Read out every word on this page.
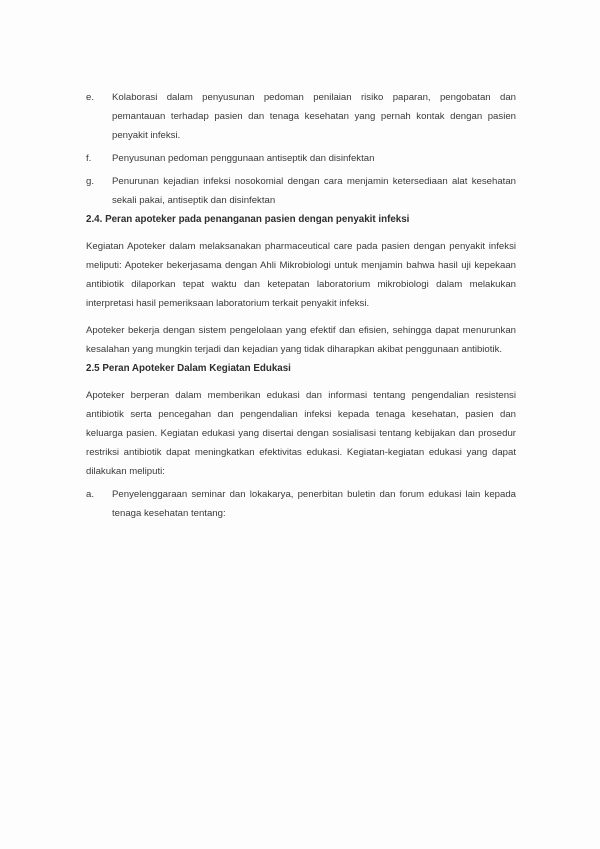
e.	Kolaborasi dalam penyusunan pedoman penilaian risiko paparan, pengobatan dan pemantauan terhadap pasien dan tenaga kesehatan yang pernah kontak dengan pasien penyakit infeksi.
f.	Penyusunan pedoman penggunaan antiseptik dan disinfektan
g.	Penurunan kejadian infeksi nosokomial dengan cara menjamin ketersediaan alat kesehatan sekali pakai, antiseptik dan disinfektan
2.4. Peran apoteker pada penanganan pasien dengan penyakit infeksi

Kegiatan Apoteker dalam melaksanakan pharmaceutical care pada pasien dengan penyakit infeksi meliputi: Apoteker bekerjasama dengan Ahli Mikrobiologi untuk menjamin bahwa hasil uji kepekaan antibiotik dilaporkan tepat waktu dan ketepatan laboratorium mikrobiologi dalam melakukan interpretasi hasil pemeriksaan laboratorium terkait penyakit infeksi.

Apoteker bekerja dengan sistem pengelolaan yang efektif dan efisien, sehingga dapat menurunkan kesalahan yang mungkin terjadi dan kejadian yang tidak diharapkan akibat penggunaan antibiotik.

2.5 Peran Apoteker Dalam Kegiatan Edukasi

Apoteker berperan dalam memberikan edukasi dan informasi tentang pengendalian resistensi antibiotik serta pencegahan dan pengendalian infeksi kepada tenaga kesehatan, pasien dan keluarga pasien. Kegiatan edukasi yang disertai dengan sosialisasi tentang kebijakan dan prosedur restriksi antibiotik dapat meningkatkan efektivitas edukasi. Kegiatan-kegiatan edukasi yang dapat dilakukan meliputi:

a.	Penyelenggaraan seminar dan lokakarya, penerbitan buletin dan forum edukasi lain kepada tenaga kesehatan tentang:
